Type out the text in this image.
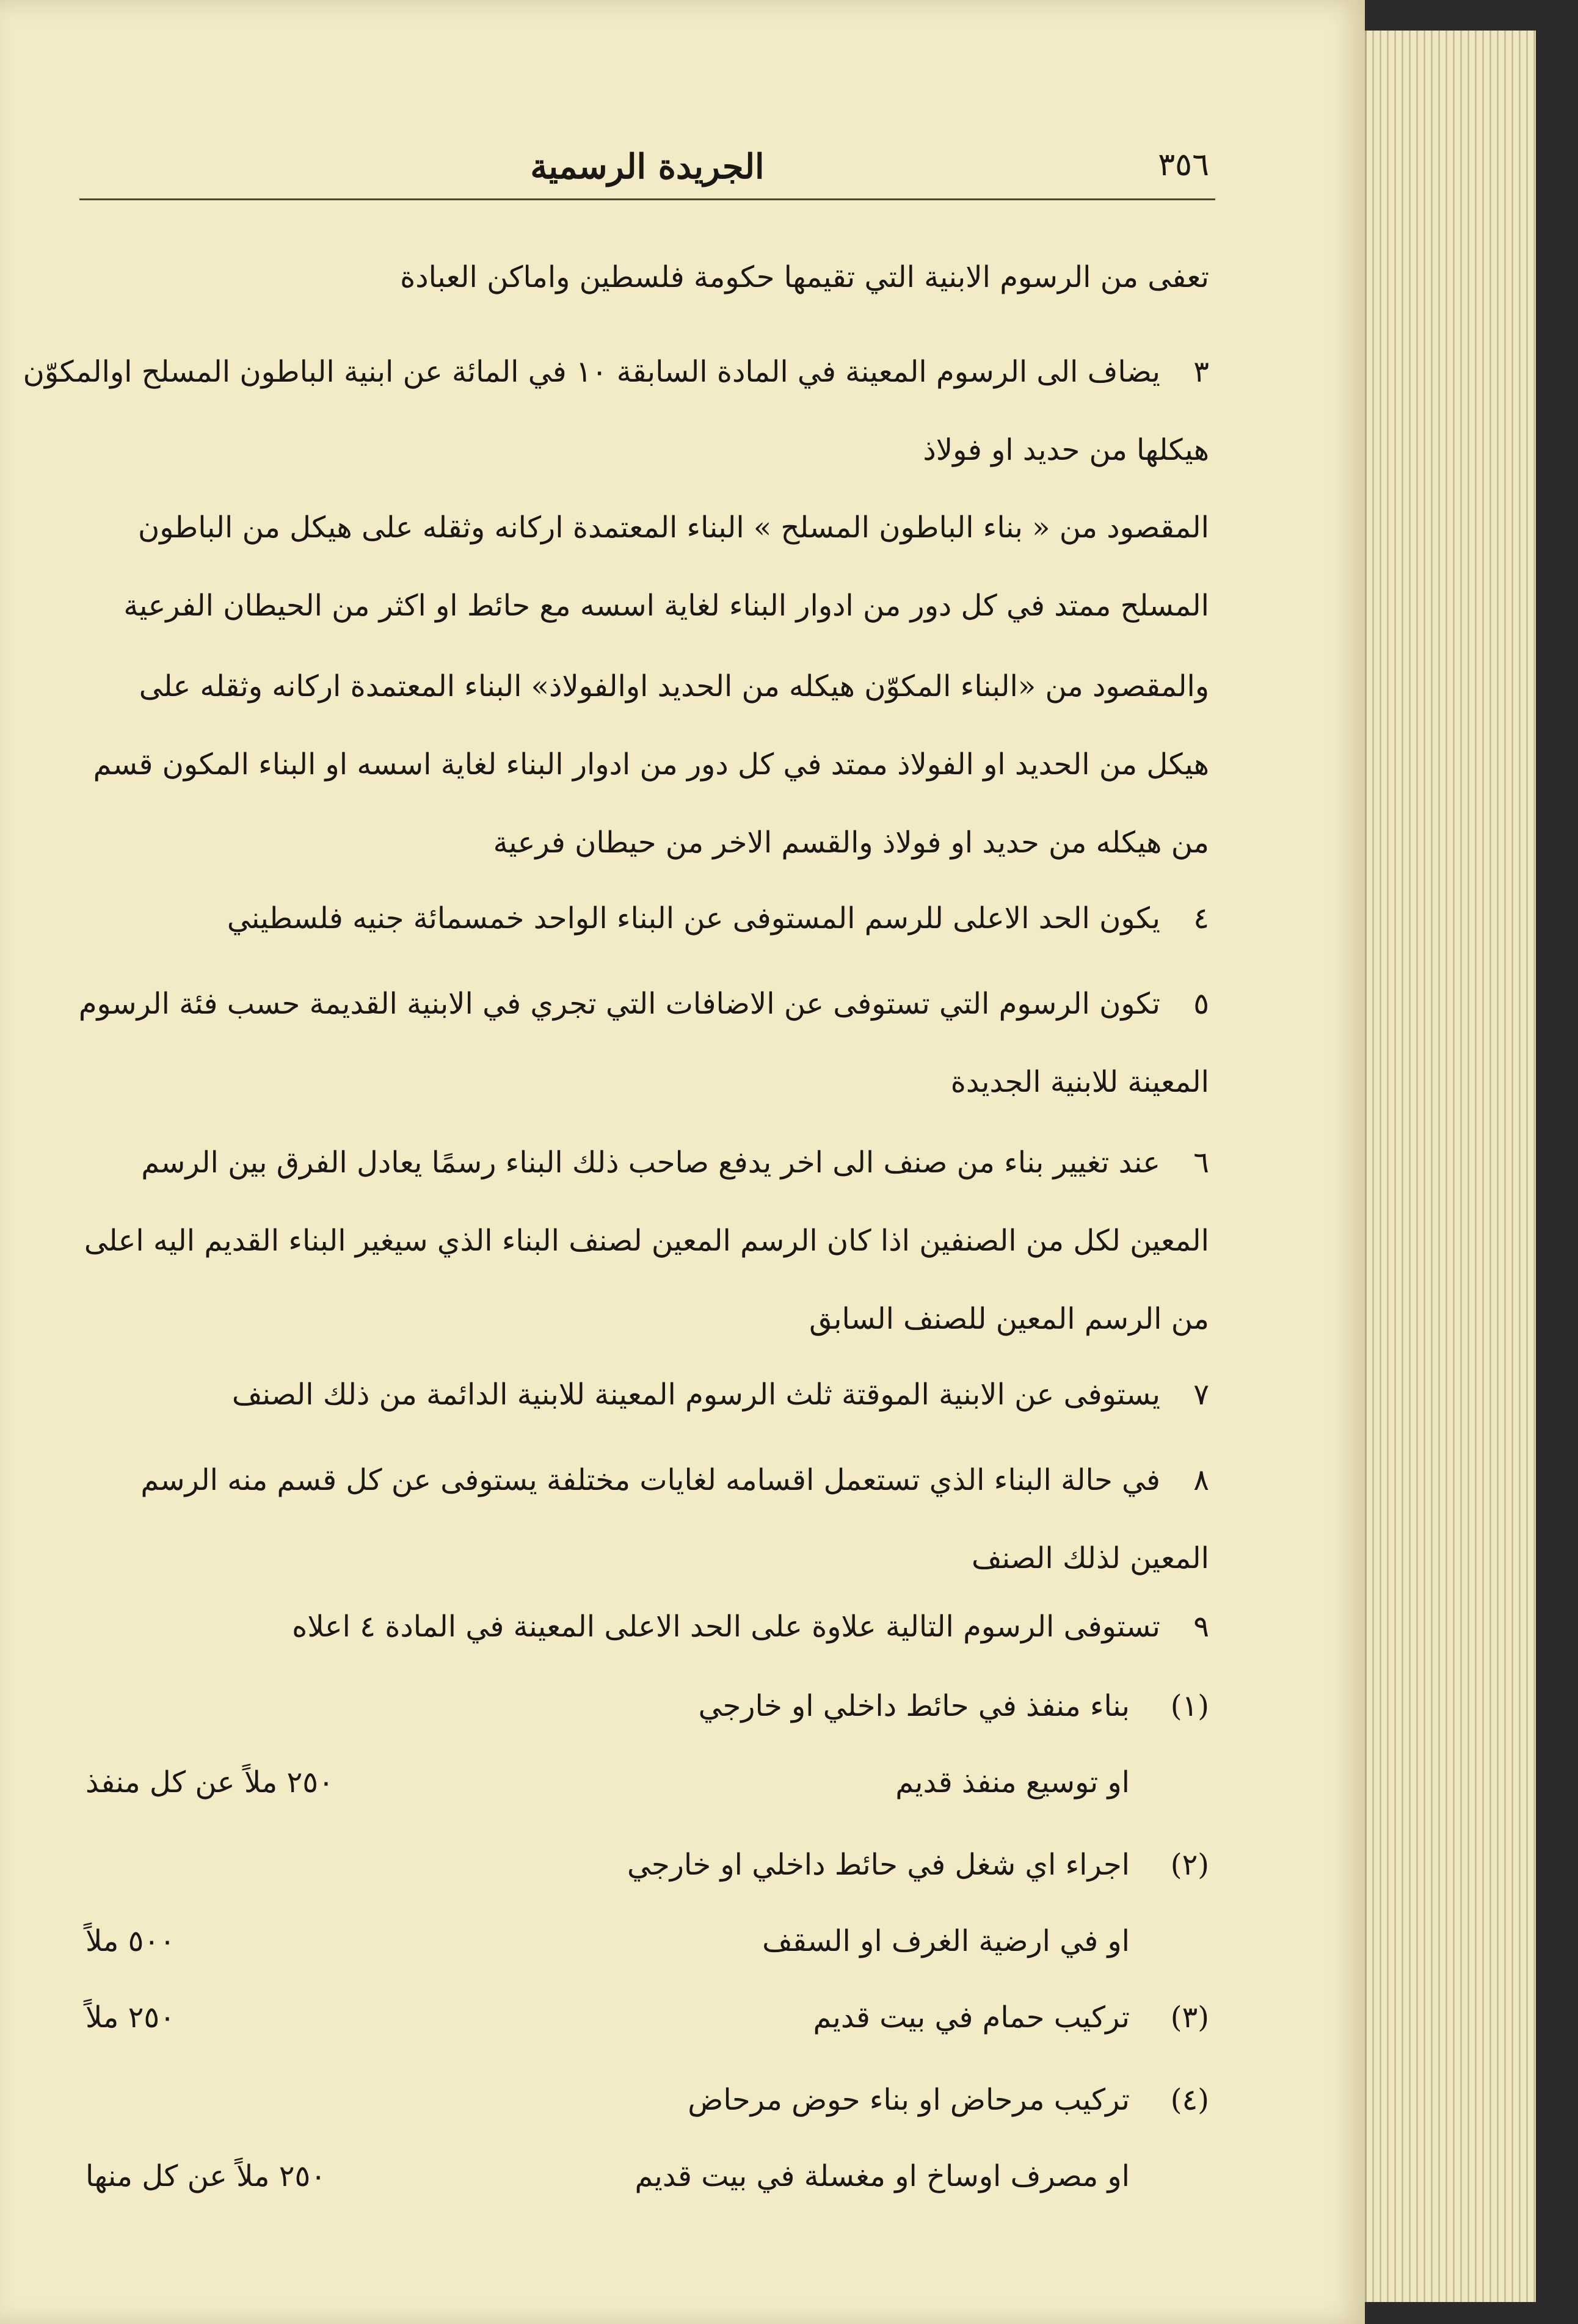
٣٥٦
الجريدة الرسمية
تعفى من الرسوم الابنية التي تقيمها حكومة فلسطين واماكن العبادة
٣يضاف الى الرسوم المعينة في المادة السابقة ١٠ في المائة عن ابنية الباطون المسلح اوالمكوّن
هيكلها من حديد او فولاذ
المقصود من « بناء الباطون المسلح » البناء المعتمدة اركانه وثقله على هيكل من الباطون
المسلح ممتد في كل دور من ادوار البناء لغاية اسسه مع حائط او اكثر من الحيطان الفرعية
والمقصود من «البناء المكوّن هيكله من الحديد اوالفولاذ» البناء المعتمدة اركانه وثقله على
هيكل من الحديد او الفولاذ ممتد في كل دور من ادوار البناء لغاية اسسه او البناء المكون قسم
من هيكله من حديد او فولاذ والقسم الاخر من حيطان فرعية
٤يكون الحد الاعلى للرسم المستوفى عن البناء الواحد خمسمائة جنيه فلسطيني
٥تكون الرسوم التي تستوفى عن الاضافات التي تجري في الابنية القديمة حسب فئة الرسوم
المعينة للابنية الجديدة
٦عند تغيير بناء من صنف الى اخر يدفع صاحب ذلك البناء رسمًا يعادل الفرق بين الرسم
المعين لكل من الصنفين اذا كان الرسم المعين لصنف البناء الذي سيغير البناء القديم اليه اعلى
من الرسم المعين للصنف السابق
٧يستوفى عن الابنية الموقتة ثلث الرسوم المعينة للابنية الدائمة من ذلك الصنف
٨في حالة البناء الذي تستعمل اقسامه لغايات مختلفة يستوفى عن كل قسم منه الرسم
المعين لذلك الصنف
٩تستوفى الرسوم التالية علاوة على الحد الاعلى المعينة في المادة ٤ اعلاه
(١)
بناء منفذ في حائط داخلي او خارجي
او توسيع منفذ قديم
٢٥٠ ملاً عن كل منفذ
(٢)
اجراء اي شغل في حائط داخلي او خارجي
او في ارضية الغرف او السقف
٥٠٠ ملاً
(٣)
تركيب حمام في بيت قديم
٢٥٠ ملاً
(٤)
تركيب مرحاض او بناء حوض مرحاض
او مصرف اوساخ او مغسلة في بيت قديم
٢٥٠ ملاً عن كل منها
